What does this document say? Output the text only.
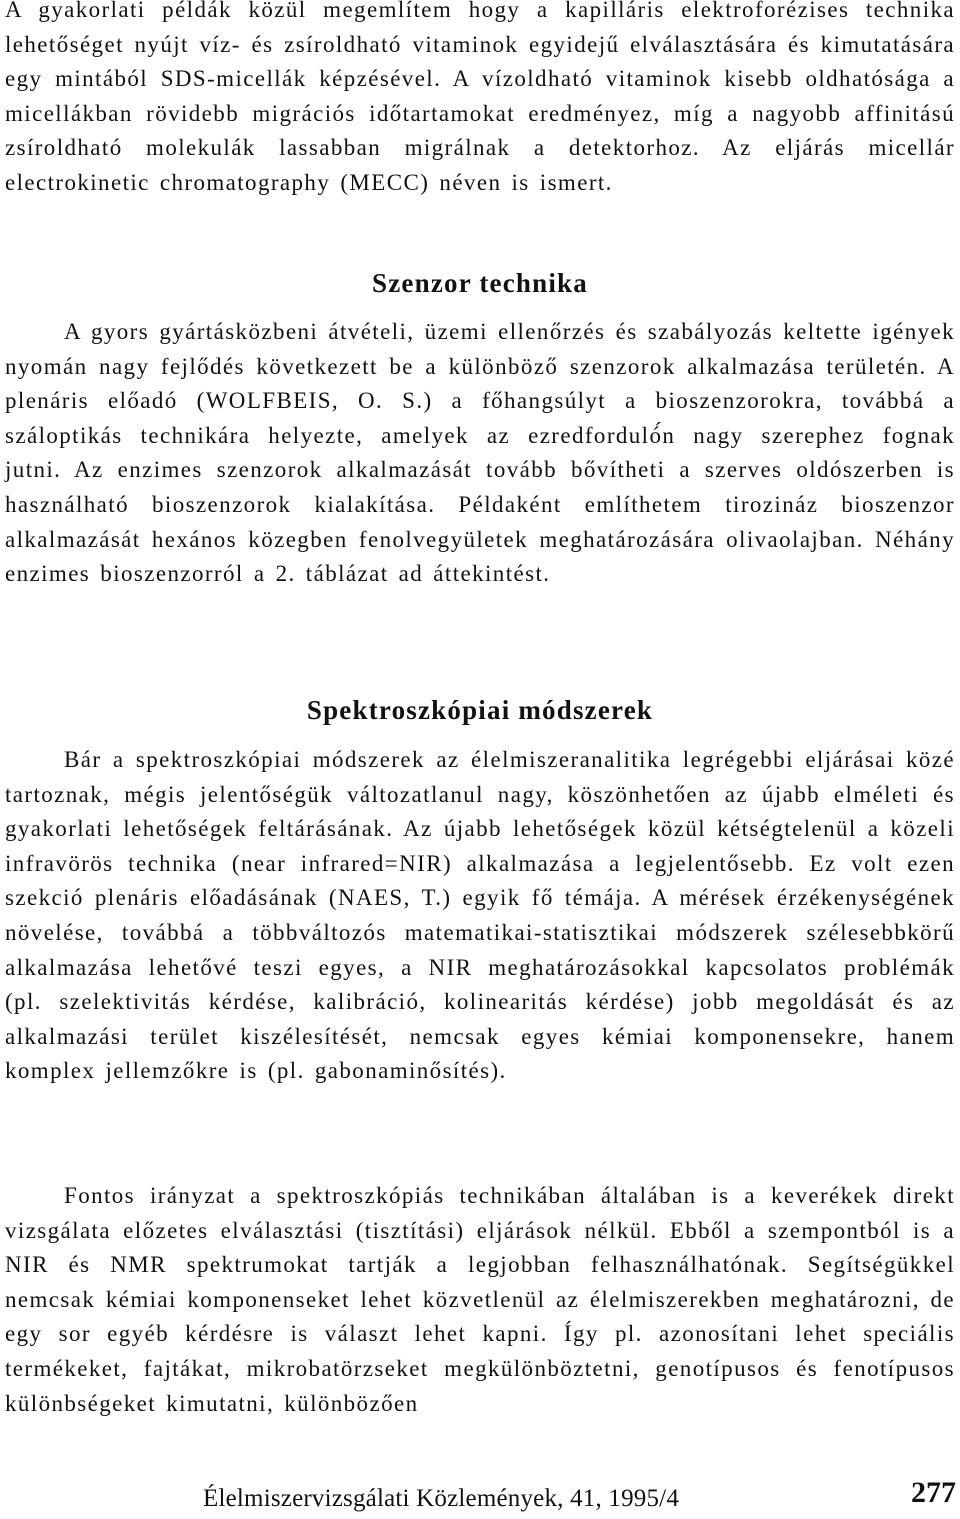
A gyakorlati példák közül megemlítem hogy a kapilláris elektroforézises technika lehetőséget nyújt víz- és zsíroldható vitaminok egyidejű elválasztására és kimutatására egy mintából SDS-micellák képzésével. A vízoldható vitaminok kisebb oldhatósága a micellákban rövidebb migrációs időtartamokat eredményez, míg a nagyobb affinitású zsíroldható molekulák lassabban migrálnak a detektorhoz. Az eljárás micellár electrokinetic chromatography (MECC) néven is ismert.

Szenzor technika

A gyors gyártásközbeni átvételi, üzemi ellenőrzés és szabályozás keltette igények nyomán nagy fejlődés következett be a különböző szenzorok alkalmazása területén. A plenáris előadó (WOLFBEIS, O. S.) a főhangsúlyt a bioszenzorokra, továbbá a száloptikás technikára helyezte, amelyek az ezredforduló́n nagy szerephez fognak jutni. Az enzimes szenzorok alkalmazását tovább bővítheti a szerves oldószerben is használható bioszenzorok kialakítása. Példaként említhetem tirozináz bioszenzor alkalmazását hexános közegben fenolvegyületek meghatározására olivaolajban. Néhány enzimes bioszenzorról a 2. táblázat ad áttekintést.

Spektroszkópiai módszerek

Bár a spektroszkópiai módszerek az élelmiszeranalitika legrégebbi eljárásai közé tartoznak, mégis jelentőségük változatlanul nagy, köszönhetően az újabb elméleti és gyakorlati lehetőségek feltárásának. Az újabb lehetőségek közül kétségtelenül a közeli infravörös technika (near infrared=NIR) alkalmazása a legjelentősebb. Ez volt ezen szekció plenáris előadásának (NAES, T.) egyik fő témája. A mérések érzékenységének növelése, továbbá a többváltozós matematikai-statisztikai módszerek szélesebbkörű alkalmazása lehetővé teszi egyes, a NIR meghatározásokkal kapcsolatos problémák (pl. szelektivitás kérdése, kalibráció, kolinearitás kérdése) jobb megoldását és az alkalmazási terület kiszélesítését, nemcsak egyes kémiai komponensekre, hanem komplex jellemzőkre is (pl. gabonaminősítés).

Fontos irányzat a spektroszkópiás technikában általában is a keverékek direkt vizsgálata előzetes elválasztási (tisztítási) eljárások nélkül. Ebből a szempontból is a NIR és NMR spektrumokat tartják a legjobban felhasználhatónak. Segítségükkel nemcsak kémiai komponenseket lehet közvetlenül az élelmiszerekben meghatározni, de egy sor egyéb kérdésre is választ lehet kapni. Így pl. azonosítani lehet speciális termékeket, fajtákat, mikrobatörzseket megkülönböztetni, genotípusos és fenotípusos különbségeket kimutatni, különbözően

Élelmiszervizsgálati Közlemények, 41, 1995/4	277
